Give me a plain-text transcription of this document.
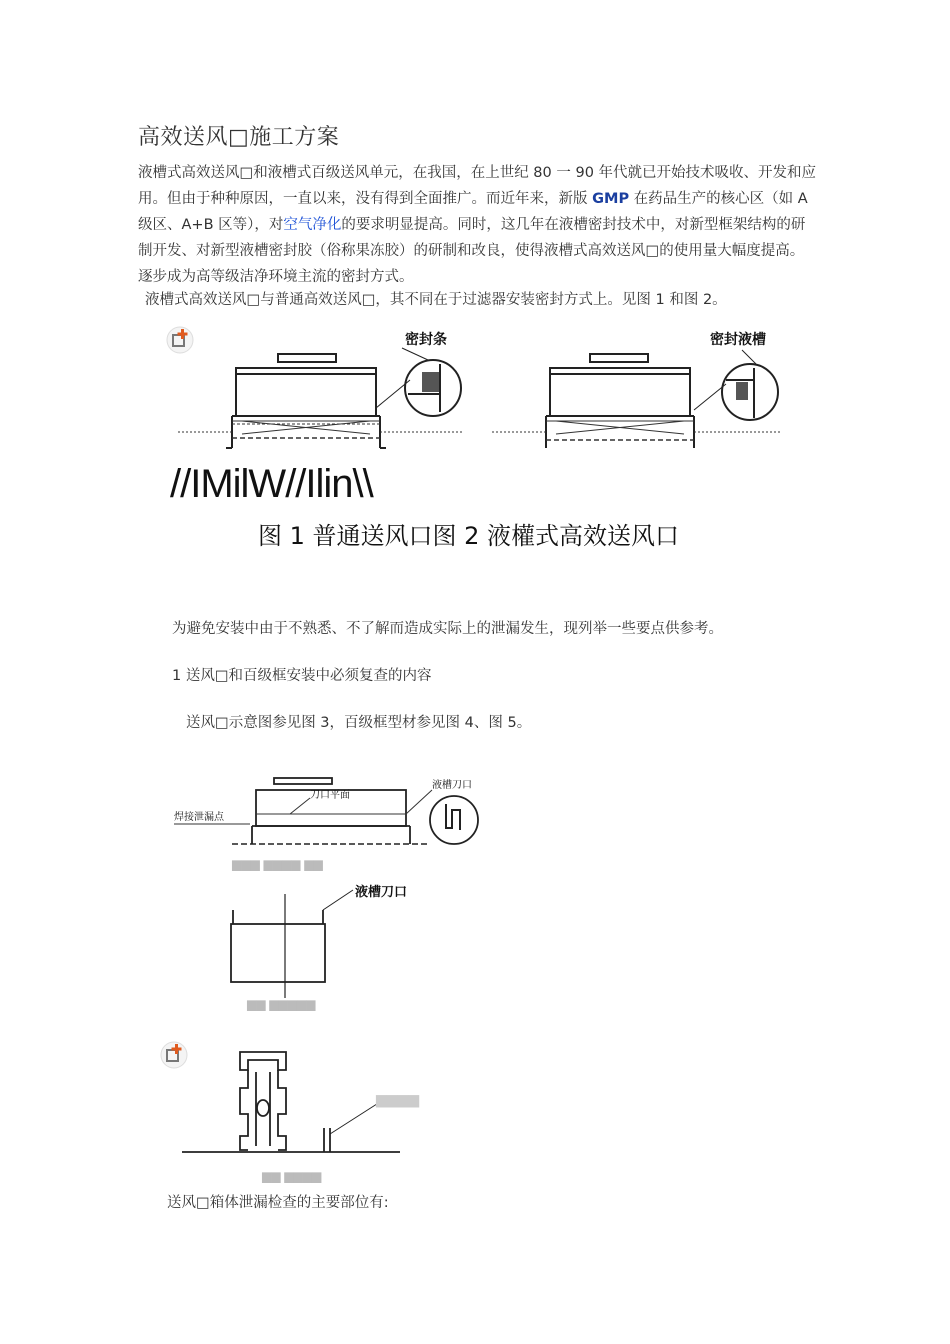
高效送风□施工方案
液槽式高效送风□和液槽式百级送风单元，在我国，在上世纪 80 一 90 年代就已开始技术吸收、开发和应用。但由于种种原因，一直以来，没有得到全面推广。而近年来，新版 GMP 在药品生产的核心区（如 A 级区、A+B 区等），对空气净化的要求明显提高。同时，这几年在液槽密封技术中，对新型框架结构的研制开发、对新型液槽密封胶（俗称果冻胶）的研制和改良，使得液槽式高效送风□的使用量大幅度提高。逐步成为高等级洁净环境主流的密封方式。
液槽式高效送风□与普通高效送风□，其不同在于过滤器安装密封方式上。见图 1 和图 2。
密封条	密封液槽
//IMilW//Ilin\\
图 1 普通送风口图 2 液權式高效送风口
为避免安装中由于不熟悉、不了解而造成实际上的泄漏发生，现列举一些要点供参考。
1 送风□和百级框安装中必须复查的内容
送风□示意图参见图 3，百级框型材参见图 4、图 5。
刀口平面
焊接泄漏点
液槽刀口
▆▆▆ ▆▆▆▆ ▆▆
液槽刀口
▆▆ ▆▆▆▆▆
▆▆▆▆
▆▆ ▆▆▆▆
送风□箱体泄漏检查的主要部位有:
